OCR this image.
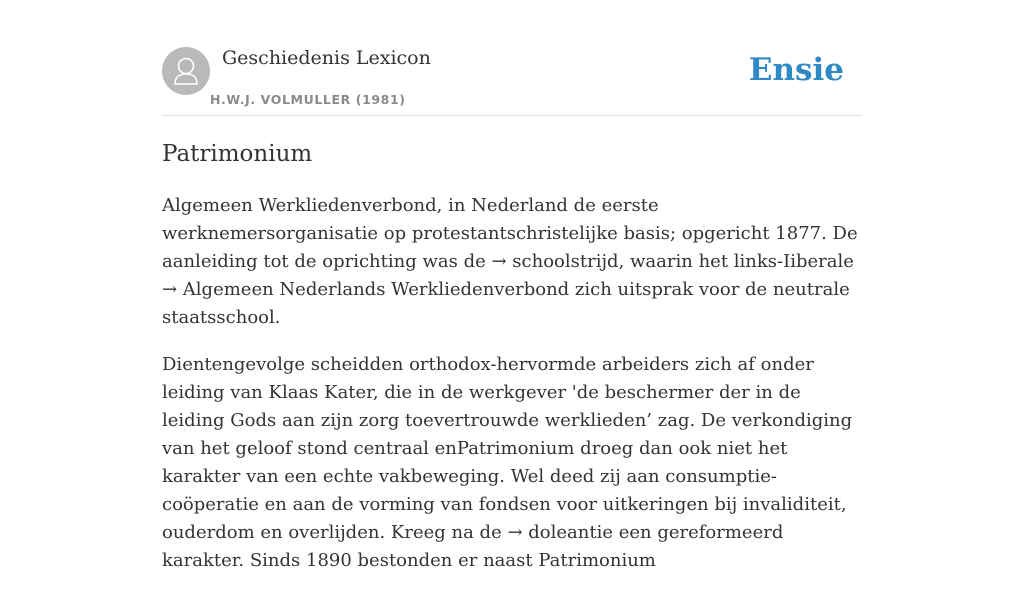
Geschiedenis Lexicon
H.W.J. VOLMULLER (1981)
Ensie
Patrimonium

Algemeen Werkliedenverbond, in Nederland de eerste werknemersorganisatie op protestantschristelijke basis; opgericht 1877. De aanleiding tot de oprichting was de → schoolstrijd, waarin het links-Iiberale → Algemeen Nederlands Werkliedenverbond zich uitsprak voor de neutrale staatsschool.

Dientengevolge scheidden orthodox-hervormde arbeiders zich af onder leiding van Klaas Kater, die in de werkgever 'de beschermer der in de leiding Gods aan zijn zorg toevertrouwde werklieden’ zag. De verkondiging van het geloof stond centraal enPatrimonium droeg dan ook niet het karakter van een echte vakbeweging. Wel deed zij aan consumptie-coöperatie en aan de vorming van fondsen voor uitkeringen bij invaliditeit, ouderdom en overlijden. Kreeg na de → doleantie een gereformeerd karakter. Sinds 1890 bestonden er naast Patrimonium
